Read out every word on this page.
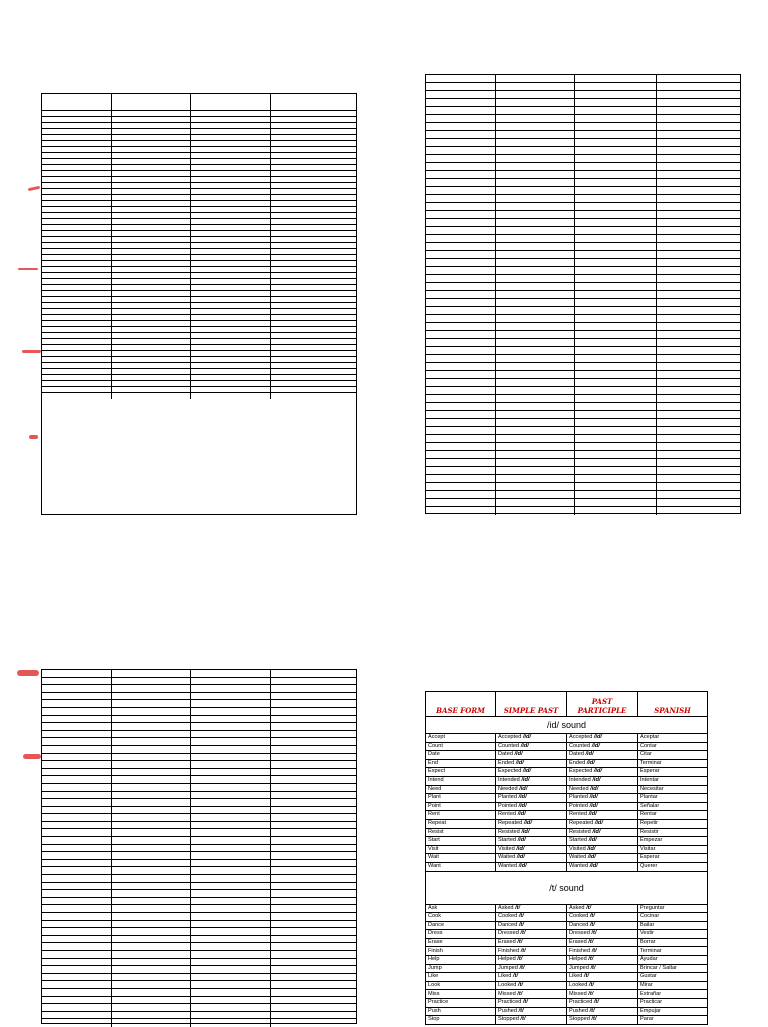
BASE FORM	SIMPLE PAST	PAST PARTICIPLE	SPANISH
/id/ sound			
Accept	Accepted /id/	Accepted /id/	Aceptar
Count	Counted /id/	Counted /id/	Contar
Date	Dated /id/	Dated /id/	Citar
End	Ended /id/	Ended /id/	Terminar
Expect	Expected /id/	Expected /id/	Esperar
Intend	Intended /id/	Intended /id/	Intentar
Need	Needed /id/	Needed /id/	Necesitar
Plant	Planted /id/	Planted /id/	Plantar
Point	Pointed /id/	Pointed /id/	Señalar
Rent	Rented /id/	Rented /id/	Rentar
Repeat	Repeated /id/	Repeated /id/	Repetir
Resist	Resisted /id/	Resisted /id/	Resistir
Start	Started /id/	Started /id/	Empezar
Visit	Visited /id/	Visited /id/	Visitar
Wait	Waited /id/	Waited /id/	Esperar
Want	Wanted /id/	Wanted /id/	Querer
/t/ sound			
Ask	Asked /t/	Asked /t/	Preguntar
Cook	Cooked /t/	Cooked /t/	Cocinar
Dance	Danced /t/	Danced /t/	Bailar
Dress	Dressed /t/	Dressed /t/	Vestir
Erase	Erased /t/	Erased /t/	Borrar
Finish	Finished /t/	Finished /t/	Terminar
Help	Helped /t/	Helped /t/	Ayudar
Jump	Jumped /t/	Jumped /t/	Brincar / Saltar
Like	Liked /t/	Liked /t/	Gustar
Look	Looked /t/	Looked /t/	Mirar
Miss	Missed /t/	Missed /t/	Extrañar
Practice	Practiced /t/	Practiced /t/	Practicar
Push	Pushed /t/	Pushed /t/	Empujar
Stop	Stopped /t/	Stopped /t/	Parar
